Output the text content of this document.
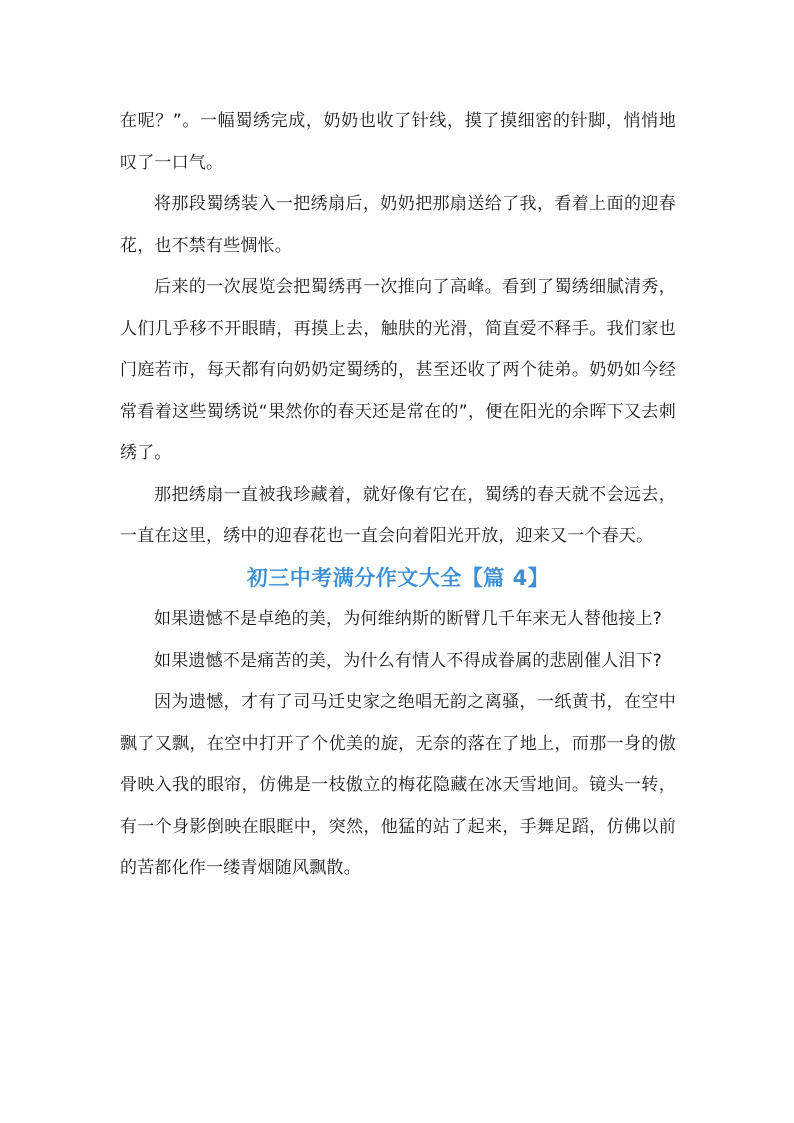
在呢？”。一幅蜀绣完成，奶奶也收了针线，摸了摸细密的针脚，悄悄地叹了一口气。

将那段蜀绣装入一把绣扇后，奶奶把那扇送给了我，看着上面的迎春花，也不禁有些惆怅。

后来的一次展览会把蜀绣再一次推向了高峰。看到了蜀绣细腻清秀，人们几乎移不开眼睛，再摸上去，触肤的光滑，简直爱不释手。我们家也门庭若市，每天都有向奶奶定蜀绣的，甚至还收了两个徒弟。奶奶如今经常看着这些蜀绣说“果然你的春天还是常在的”，便在阳光的余晖下又去刺绣了。

那把绣扇一直被我珍藏着，就好像有它在，蜀绣的春天就不会远去，一直在这里，绣中的迎春花也一直会向着阳光开放，迎来又一个春天。

初三中考满分作文大全【篇 4】

如果遗憾不是卓绝的美，为何维纳斯的断臂几千年来无人替他接上?

如果遗憾不是痛苦的美，为什么有情人不得成眷属的悲剧催人泪下?

因为遗憾，才有了司马迁史家之绝唱无韵之离骚，一纸黄书，在空中飘了又飘，在空中打开了个优美的旋，无奈的落在了地上，而那一身的傲骨映入我的眼帘，仿佛是一枝傲立的梅花隐藏在冰天雪地间。镜头一转，有一个身影倒映在眼眶中，突然，他猛的站了起来，手舞足蹈，仿佛以前的苦都化作一缕青烟随风飘散。
